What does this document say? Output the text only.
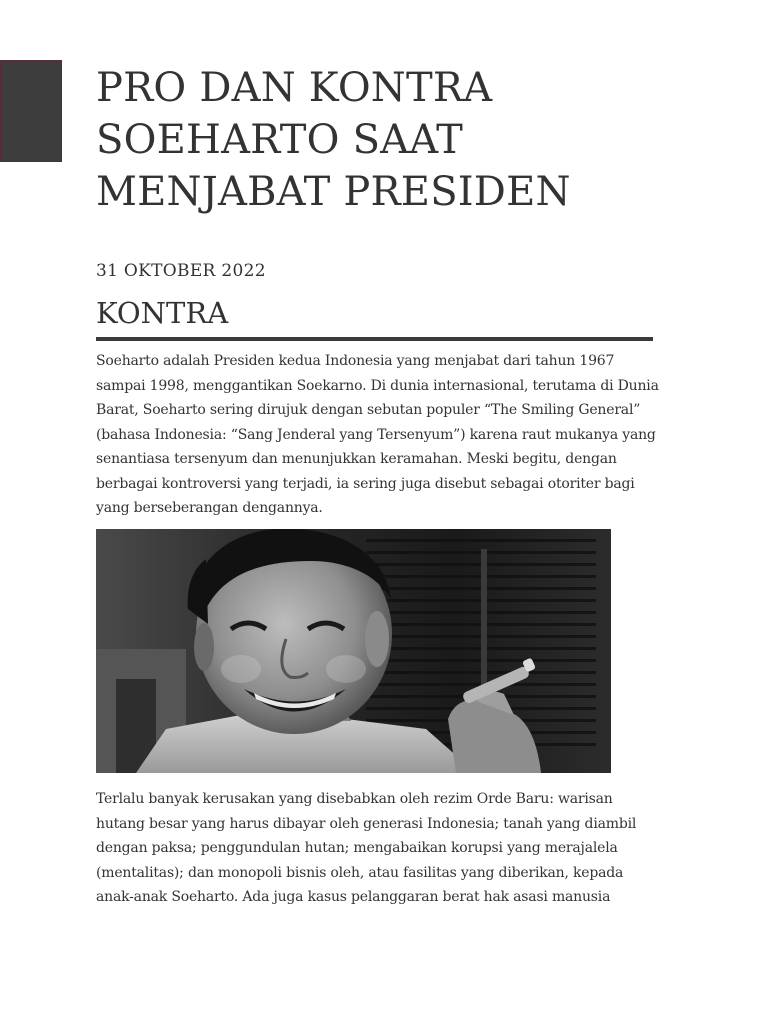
PRO DAN KONTRA SOEHARTO SAAT MENJABAT PRESIDEN
31 OKTOBER 2022
KONTRA

Soeharto adalah Presiden kedua Indonesia yang menjabat dari tahun 1967 sampai 1998, menggantikan Soekarno. Di dunia internasional, terutama di Dunia Barat, Soeharto sering dirujuk dengan sebutan populer “The Smiling General” (bahasa Indonesia: “Sang Jenderal yang Tersenyum”) karena raut mukanya yang senantiasa tersenyum dan menunjukkan keramahan. Meski begitu, dengan berbagai kontroversi yang terjadi, ia sering juga disebut sebagai otoriter bagi yang berseberangan dengannya.

Terlalu banyak kerusakan yang disebabkan oleh rezim Orde Baru: warisan hutang besar yang harus dibayar oleh generasi Indonesia; tanah yang diambil dengan paksa; penggundulan hutan; mengabaikan korupsi yang merajalela (mentalitas); dan monopoli bisnis oleh, atau fasilitas yang diberikan, kepada anak-anak Soeharto. Ada juga kasus pelanggaran berat hak asasi manusia
